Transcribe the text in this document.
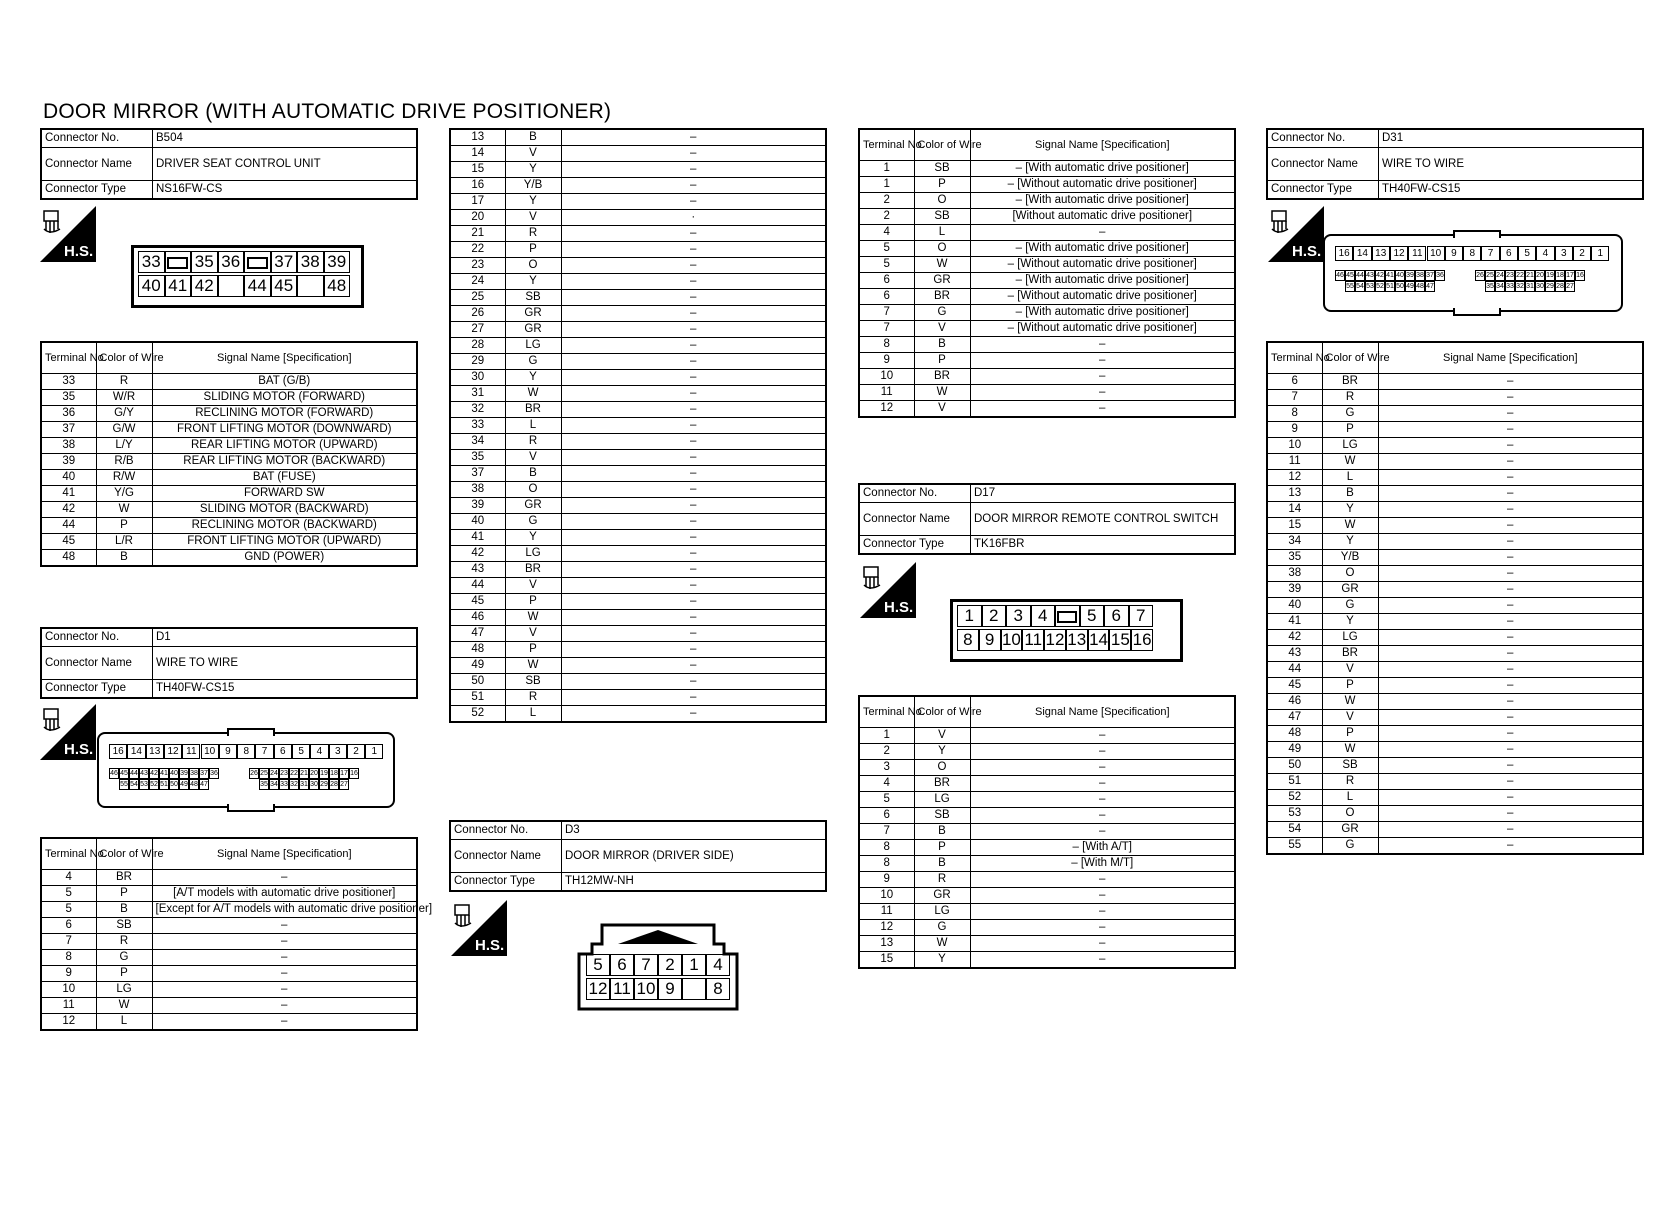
DOOR MIRROR (WITH AUTOMATIC DRIVE POSITIONER)
Connector No.	B504
Connector Name	DRIVER SEAT CONTROL UNIT
Connector Type	NS16FW-CS
H.S.
33 35 36 37 38 39
40 41 42 44 45 48
Terminal No.	Color of Wire	Signal Name [Specification]
33	R	BAT (G/B)
35	W/R	SLIDING MOTOR (FORWARD)
36	G/Y	RECLINING MOTOR (FORWARD)
37	G/W	FRONT LIFTING MOTOR (DOWNWARD)
38	L/Y	REAR LIFTING MOTOR (UPWARD)
39	R/B	REAR LIFTING MOTOR (BACKWARD)
40	R/W	BAT (FUSE)
41	Y/G	FORWARD SW
42	W	SLIDING MOTOR (BACKWARD)
44	P	RECLINING MOTOR (BACKWARD)
45	L/R	FRONT LIFTING MOTOR (UPWARD)
48	B	GND (POWER)
Connector No.	D1
Connector Name	WIRE TO WIRE
Connector Type	TH40FW-CS15
H.S.	16 14 13 12 11 10 9	8	7	6	5	4	3	2	1
46 45 44 43 42 41 40 39 38 37 36	26 25 24 23 22 21 20 19 18 17 16
55 54 53 52 51 50 49 48 47	35 34 33 32 31 30 29 28 27
Terminal No.	Color of Wire	Signal Name [Specification]
4	BR	–
5	P	[A/T models with automatic drive positioner]
5	B	[Except for A/T models with automatic drive positioner]
6	SB	–
7	R	–
8	G	–
9	P	–
10	LG	–
11	W	–
12	L	–
13	B	–
14	V	–
15	Y	–
16	Y/B	–
17	Y	–
20	V	·
21	R	–
22	P	–
23	O	–
24	Y	–
25	SB	–
26	GR	–
27	GR	–
28	LG	–
29	G	–
30	Y	–
31	W	–
32	BR	–
33	L	–
34	R	–
35	V	–
37	B	–
38	O	–
39	GR	–
40	G	–
41	Y	–
42	LG	–
43	BR	–
44	V	–
45	P	–
46	W	–
47	V	–
48	P	–
49	W	–
50	SB	–
51	R	–
52	L	–
Connector No.	D3
Connector Name	DOOR MIRROR (DRIVER SIDE)
Connector Type	TH12MW-NH
H.S.
5 6 7 2 1 4
12 11 10 9	8
Terminal No.	Color of Wire	Signal Name [Specification]
1	SB	– [With automatic drive positioner]
1	P	– [Without automatic drive positioner]
2	O	– [With automatic drive positioner]
2	SB	[Without automatic drive positioner]
4	L	–
5	O	– [With automatic drive positioner]
5	W	– [Without automatic drive positioner]
6	GR	– [With automatic drive positioner]
6	BR	– [Without automatic drive positioner]
7	G	– [With automatic drive positioner]
7	V	– [Without automatic drive positioner]
8	B	–
9	P	–
10	BR	–
11	W	–
12	V	–
Connector No.	D17
Connector Name	DOOR MIRROR REMOTE CONTROL SWITCH
Connector Type	TK16FBR
H.S.	1 2 3 4	5 6 7
8 9 10 11 12 13 14 15 16
Terminal No.	Color of Wire	Signal Name [Specification]
1	V	–
2	Y	–
3	O	–
4	BR	–
5	LG	–
6	SB	–
7	B	–
8	P	– [With A/T]
8	B	– [With M/T]
9	R	–
10	GR	–
11	LG	–
12	G	–
13	W	–
15	Y	–
Connector No.	D31
Connector Name	WIRE TO WIRE
Connector Type	TH40FW-CS15
H.S.	16 14 13 12 11 10 9	8	7	6	5	4	3	2	1
46 45 44 43 42 41 40 39 38 37 36	26 25 24 23 22 21 20 19 18 17 16
55 54 53 52 51 50 49 48 47	35 34 33 32 31 30 29 28 27
Terminal No.	Color of Wire	Signal Name [Specification]
6	BR	–
7	R	–
8	G	–
9	P	–
10	LG	–
11	W	–
12	L	–
13	B	–
14	Y	–
15	W	–
34	Y	–
35	Y/B	–
38	O	–
39	GR	–
40	G	–
41	Y	–
42	LG	–
43	BR	–
44	V	–
45	P	–
46	W	–
47	V	–
48	P	–
49	W	–
50	SB	–
51	R	–
52	L	–
53	O	–
54	GR	–
55	G	–
